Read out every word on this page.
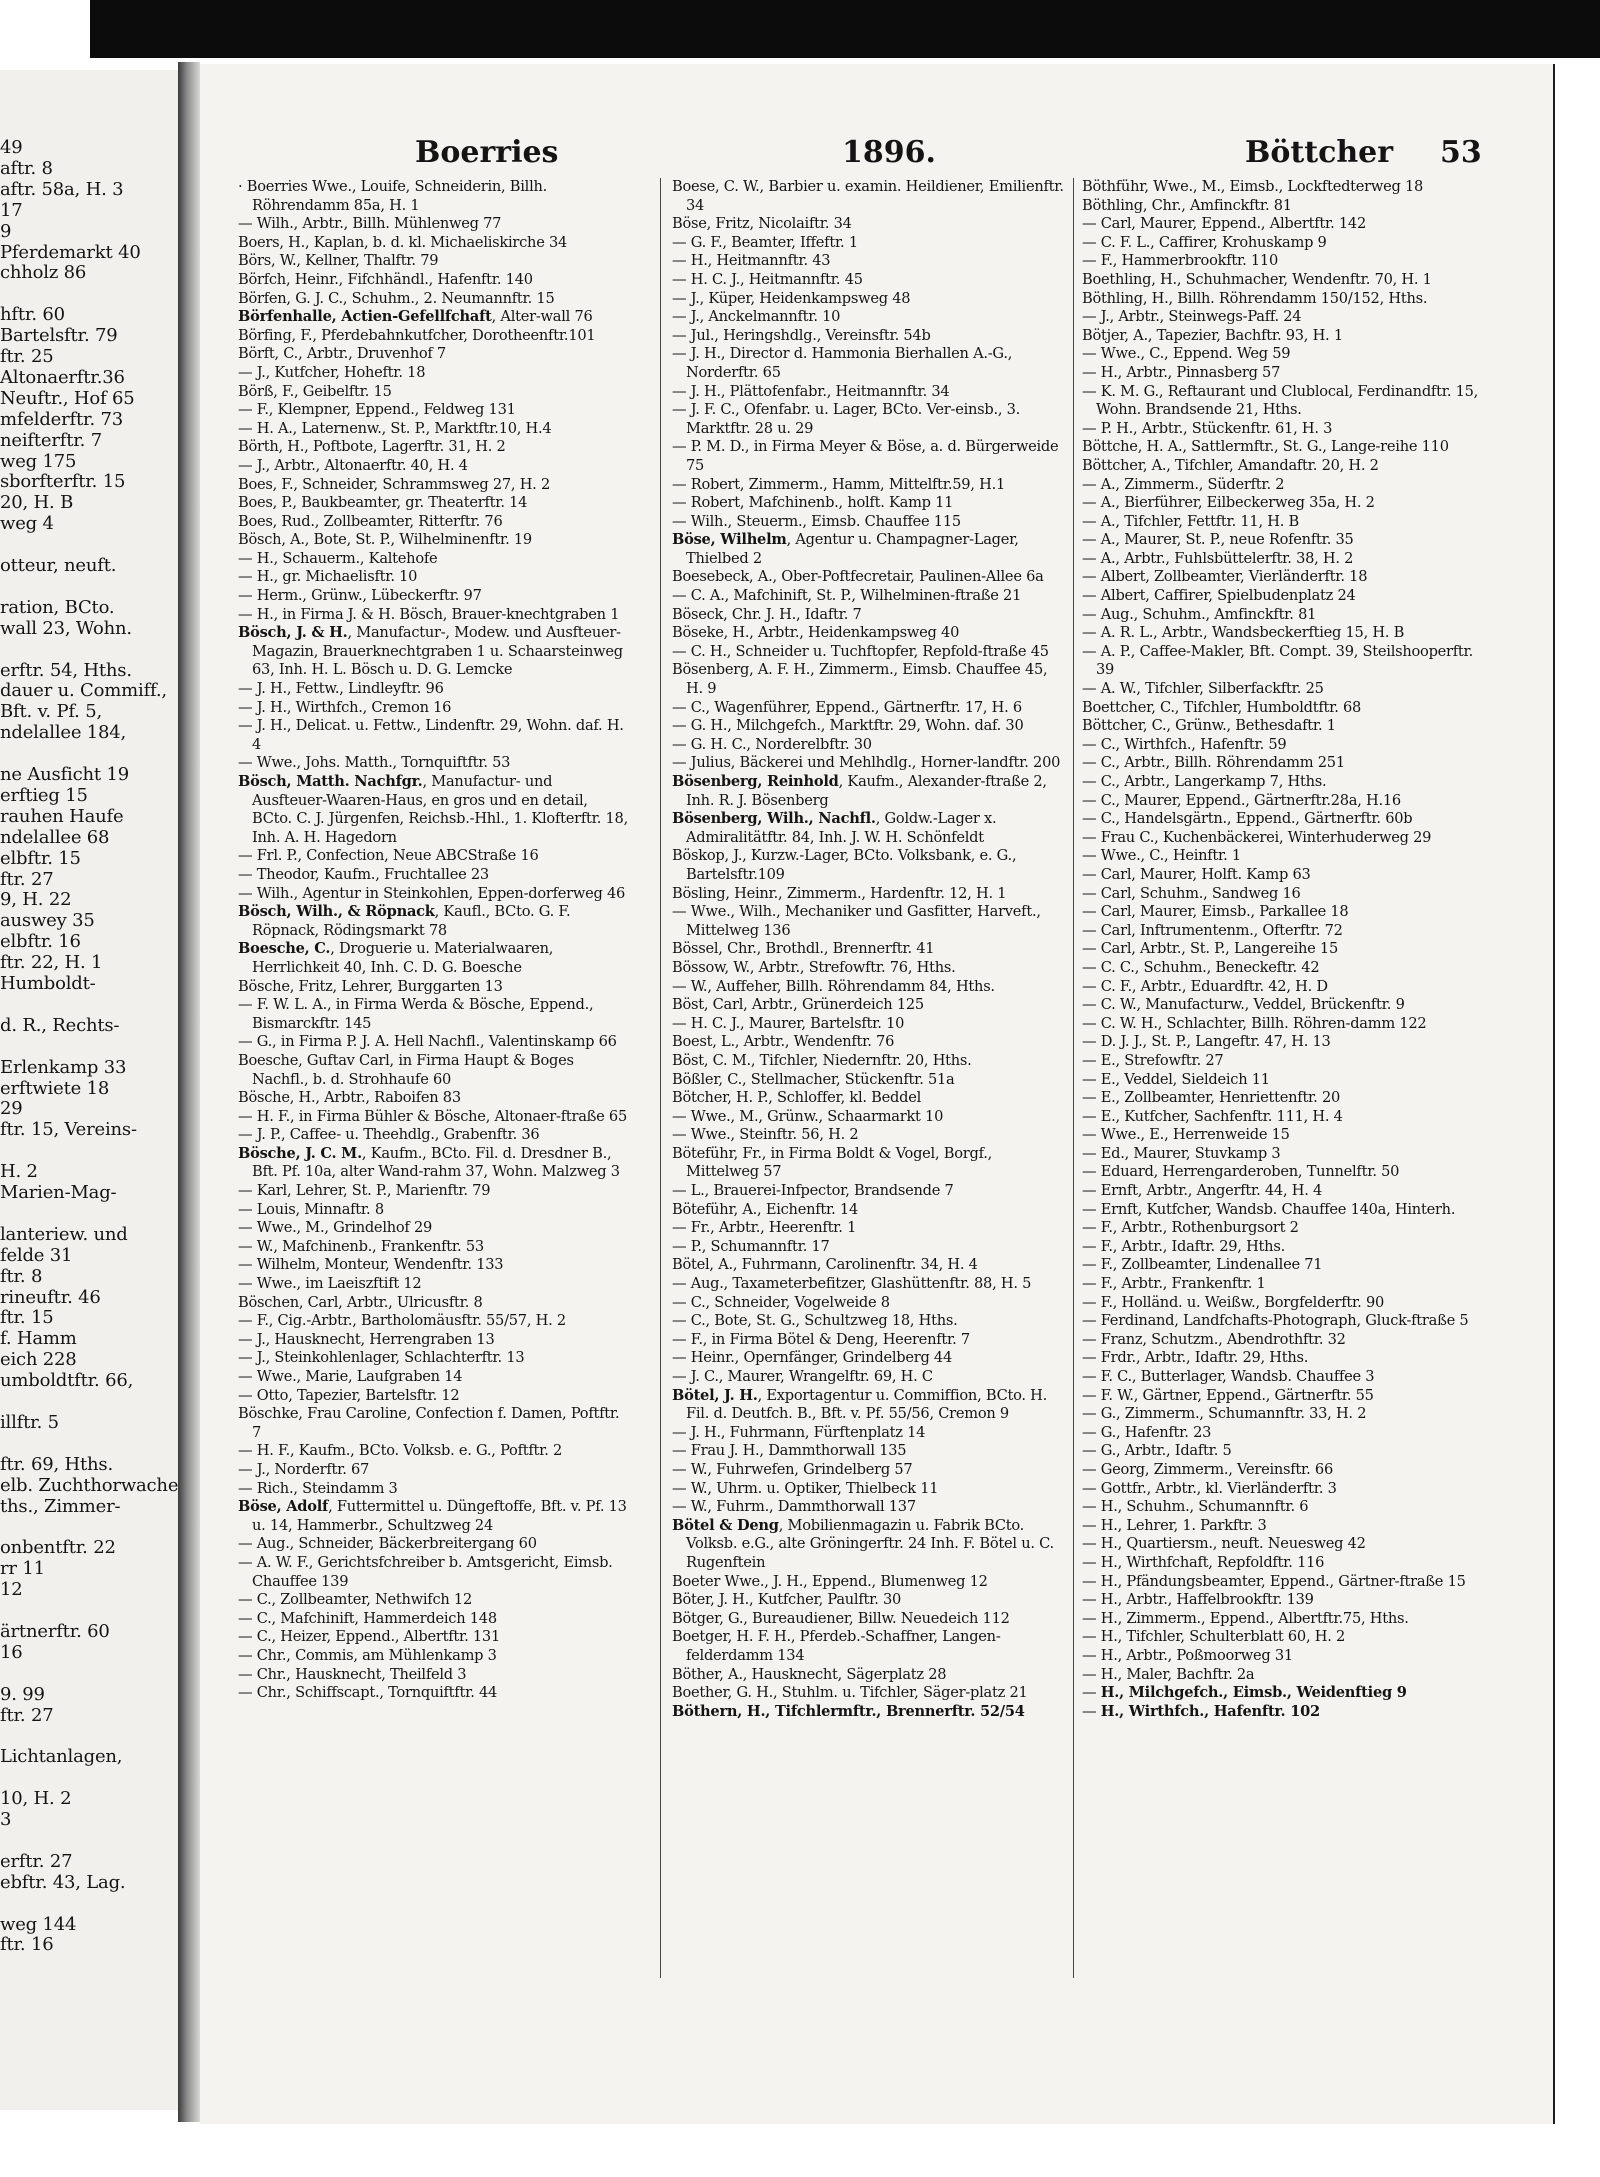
49
aftr. 8
aftr. 58a, H. 3
17
9
Pferdemarkt 40
chholz 86
hftr. 60
Bartelsftr. 79
ftr. 25
Altonaerftr.36
Neuftr., Hof 65
mfelderftr. 73
neifterftr. 7
weg 175
sborfterftr. 15
20, H. B
weg 4
otteur, neuft.
ration, BCto.
wall 23, Wohn.
erftr. 54, Hths.
dauer u. Commiff.,
Bft. v. Pf. 5,
ndelallee 184,
ne Ausficht 19
erftieg 15
rauhen Haufe
ndelallee 68
elbftr. 15
ftr. 27
9, H. 22
auswey 35
elbftr. 16
ftr. 22, H. 1
Humboldt-
d. R., Rechts-
Erlenkamp 33
erftwiete 18
29
ftr. 15, Vereins-
H. 2
Marien-Mag-
lanteriew. und
felde 31
ftr. 8
rineuftr. 46
ftr. 15
f. Hamm
eich 228
umboldtftr. 66,
illftr. 5
ftr. 69, Hths.
elb. Zuchthorwache
ths., Zimmer-
onbentftr. 22
rr 11
12
ärtnerftr. 60
16
9. 99
ftr. 27
Lichtanlagen,
10, H. 2
3
erftr. 27
ebftr. 43, Lag.
weg 144
ftr. 16
Boerries	1896.	Böttcher 53

· Boerries Wwe., Louife, Schneiderin, Billh. Röhrendamm 85a, H. 1

— Wilh., Arbtr., Billh. Mühlenweg 77

Boers, H., Kaplan, b. d. kl. Michaeliskirche 34

Börs, W., Kellner, Thalftr. 79

Börfch, Heinr., Fifchhändl., Hafenftr. 140

Börfen, G. J. C., Schuhm., 2. Neumannftr. 15

Börfenhalle, Actien-Gefellfchaft, Alter-wall 76

Börfing, F., Pferdebahnkutfcher, Dorotheenftr.101

Börft, C., Arbtr., Druvenhof 7

— J., Kutfcher, Hoheftr. 18

Börß, F., Geibelftr. 15

— F., Klempner, Eppend., Feldweg 131

— H. A., Laternenw., St. P., Marktftr.10, H.4

Börth, H., Poftbote, Lagerftr. 31, H. 2

— J., Arbtr., Altonaerftr. 40, H. 4

Boes, F., Schneider, Schrammsweg 27, H. 2

Boes, P., Baukbeamter, gr. Theaterftr. 14

Boes, Rud., Zollbeamter, Ritterftr. 76

Bösch, A., Bote, St. P., Wilhelminenftr. 19

— H., Schauerm., Kaltehofe

— H., gr. Michaelisftr. 10

— Herm., Grünw., Lübeckerftr. 97

— H., in Firma J. & H. Bösch, Brauer-knechtgraben 1

Bösch, J. & H., Manufactur-, Modew. und Ausfteuer-Magazin, Brauerknechtgraben 1 u. Schaarsteinweg 63, Inh. H. L. Bösch u. D. G. Lemcke

— J. H., Fettw., Lindleyftr. 96

— J. H., Wirthfch., Cremon 16

— J. H., Delicat. u. Fettw., Lindenftr. 29, Wohn. daf. H. 4

— Wwe., Johs. Matth., Tornquiftftr. 53

Bösch, Matth. Nachfgr., Manufactur- und Ausfteuer-Waaren-Haus, en gros und en detail, BCto. C. J. Jürgenfen, Reichsb.-Hhl., 1. Klofterftr. 18, Inh. A. H. Hagedorn

— Frl. P., Confection, Neue ABCStraße 16

— Theodor, Kaufm., Fruchtallee 23

— Wilh., Agentur in Steinkohlen, Eppen-dorferweg 46

Bösch, Wilh., & Röpnack, Kaufl., BCto. G. F. Röpnack, Rödingsmarkt 78

Boesche, C., Droguerie u. Materialwaaren, Herrlichkeit 40, Inh. C. D. G. Boesche

Bösche, Fritz, Lehrer, Burggarten 13

— F. W. L. A., in Firma Werda & Bösche, Eppend., Bismarckftr. 145

— G., in Firma P. J. A. Hell Nachfl., Valentinskamp 66

Boesche, Guftav Carl, in Firma Haupt & Boges Nachfl., b. d. Strohhaufe 60

Bösche, H., Arbtr., Raboifen 83

— H. F., in Firma Bühler & Bösche, Altonaer-ftraße 65

— J. P., Caffee- u. Theehdlg., Grabenftr. 36

Bösche, J. C. M., Kaufm., BCto. Fil. d. Dresdner B., Bft. Pf. 10a, alter Wand-rahm 37, Wohn. Malzweg 3

— Karl, Lehrer, St. P., Marienftr. 79

— Louis, Minnaftr. 8

— Wwe., M., Grindelhof 29

— W., Mafchinenb., Frankenftr. 53

— Wilhelm, Monteur, Wendenftr. 133

— Wwe., im Laeiszftift 12

Böschen, Carl, Arbtr., Ulricusftr. 8

— F., Cig.-Arbtr., Bartholomäusftr. 55/57, H. 2

— J., Hausknecht, Herrengraben 13

— J., Steinkohlenlager, Schlachterftr. 13

— Wwe., Marie, Laufgraben 14

— Otto, Tapezier, Bartelsftr. 12

Böschke, Frau Caroline, Confection f. Damen, Poftftr. 7

— H. F., Kaufm., BCto. Volksb. e. G., Poftftr. 2

— J., Norderftr. 67

— Rich., Steindamm 3

Böse, Adolf, Futtermittel u. Düngeftoffe, Bft. v. Pf. 13 u. 14, Hammerbr., Schultzweg 24

— Aug., Schneider, Bäckerbreitergang 60

— A. W. F., Gerichtsfchreiber b. Amtsgericht, Eimsb. Chauffee 139

— C., Zollbeamter, Nethwifch 12

— C., Mafchinift, Hammerdeich 148

— C., Heizer, Eppend., Albertftr. 131

— Chr., Commis, am Mühlenkamp 3

— Chr., Hausknecht, Theilfeld 3

— Chr., Schiffscapt., Tornquiftftr. 44

Boese, C. W., Barbier u. examin. Heildiener, Emilienftr. 34

Böse, Fritz, Nicolaiftr. 34

— G. F., Beamter, Iffeftr. 1

— H., Heitmannftr. 43

— H. C. J., Heitmannftr. 45

— J., Küper, Heidenkampsweg 48

— J., Anckelmannftr. 10

— Jul., Heringshdlg., Vereinsftr. 54b

— J. H., Director d. Hammonia Bierhallen A.-G., Norderftr. 65

— J. H., Plättofenfabr., Heitmannftr. 34

— J. F. C., Ofenfabr. u. Lager, BCto. Ver-einsb., 3. Marktftr. 28 u. 29

— P. M. D., in Firma Meyer & Böse, a. d. Bürgerweide 75

— Robert, Zimmerm., Hamm, Mittelftr.59, H.1

— Robert, Mafchinenb., holft. Kamp 11

— Wilh., Steuerm., Eimsb. Chauffee 115

Böse, Wilhelm, Agentur u. Champagner-Lager, Thielbed 2

Boesebeck, A., Ober-Poftfecretair, Paulinen-Allee 6a

— C. A., Mafchinift, St. P., Wilhelminen-ftraße 21

Böseck, Chr. J. H., Idaftr. 7

Böseke, H., Arbtr., Heidenkampsweg 40

— C. H., Schneider u. Tuchftopfer, Repfold-ftraße 45

Bösenberg, A. F. H., Zimmerm., Eimsb. Chauffee 45, H. 9

— C., Wagenführer, Eppend., Gärtnerftr. 17, H. 6

— G. H., Milchgefch., Marktftr. 29, Wohn. daf. 30

— G. H. C., Norderelbftr. 30

— Julius, Bäckerei und Mehlhdlg., Horner-landftr. 200

Bösenberg, Reinhold, Kaufm., Alexander-ftraße 2, Inh. R. J. Bösenberg

Bösenberg, Wilh., Nachfl., Goldw.-Lager x. Admiralitätftr. 84, Inh. J. W. H. Schönfeldt

Böskop, J., Kurzw.-Lager, BCto. Volksbank, e. G., Bartelsftr.109

Bösling, Heinr., Zimmerm., Hardenftr. 12, H. 1

— Wwe., Wilh., Mechaniker und Gasfitter, Harveft., Mittelweg 136

Bössel, Chr., Brothdl., Brennerftr. 41

Bössow, W., Arbtr., Strefowftr. 76, Hths.

— W., Auffeher, Billh. Röhrendamm 84, Hths.

Böst, Carl, Arbtr., Grünerdeich 125

— H. C. J., Maurer, Bartelsftr. 10

Boest, L., Arbtr., Wendenftr. 76

Böst, C. M., Tifchler, Niedernftr. 20, Hths.

Bößler, C., Stellmacher, Stückenftr. 51a

Bötcher, H. P., Schloffer, kl. Beddel

— Wwe., M., Grünw., Schaarmarkt 10

— Wwe., Steinftr. 56, H. 2

Böteführ, Fr., in Firma Boldt & Vogel, Borgf., Mittelweg 57

— L., Brauerei-Infpector, Brandsende 7

Böteführ, A., Eichenftr. 14

— Fr., Arbtr., Heerenftr. 1

— P., Schumannftr. 17

Bötel, A., Fuhrmann, Carolinenftr. 34, H. 4

— Aug., Taxameterbefitzer, Glashüttenftr. 88, H. 5

— C., Schneider, Vogelweide 8

— C., Bote, St. G., Schultzweg 18, Hths.

— F., in Firma Bötel & Deng, Heerenftr. 7

— Heinr., Opernfänger, Grindelberg 44

— J. C., Maurer, Wrangelftr. 69, H. C

Bötel, J. H., Exportagentur u. Commiffion, BCto. H. Fil. d. Deutfch. B., Bft. v. Pf. 55/56, Cremon 9

— J. H., Fuhrmann, Fürftenplatz 14

— Frau J. H., Dammthorwall 135

— W., Fuhrwefen, Grindelberg 57

— W., Uhrm. u. Optiker, Thielbeck 11

— W., Fuhrm., Dammthorwall 137

Bötel & Deng, Mobilienmagazin u. Fabrik BCto. Volksb. e.G., alte Gröningerftr. 24 Inh. F. Bötel u. C. Rugenftein

Boeter Wwe., J. H., Eppend., Blumenweg 12

Böter, J. H., Kutfcher, Paulftr. 30

Bötger, G., Bureaudiener, Billw. Neuedeich 112

Boetger, H. F. H., Pferdeb.-Schaffner, Langen-felderdamm 134

Böther, A., Hausknecht, Sägerplatz 28

Boether, G. H., Stuhlm. u. Tifchler, Säger-platz 21

Böthern, H., Tifchlermftr., Brennerftr. 52/54

Böthführ, Wwe., M., Eimsb., Lockftedterweg 18

Böthling, Chr., Amfinckftr. 81

— Carl, Maurer, Eppend., Albertftr. 142

— C. F. L., Caffirer, Krohuskamp 9

— F., Hammerbrookftr. 110

Boethling, H., Schuhmacher, Wendenftr. 70, H. 1

Böthling, H., Billh. Röhrendamm 150/152, Hths.

— J., Arbtr., Steinwegs-Paff. 24

Bötjer, A., Tapezier, Bachftr. 93, H. 1

— Wwe., C., Eppend. Weg 59

— H., Arbtr., Pinnasberg 57

— K. M. G., Reftaurant und Clublocal, Ferdinandftr. 15, Wohn. Brandsende 21, Hths.

— P. H., Arbtr., Stückenftr. 61, H. 3

Böttche, H. A., Sattlermftr., St. G., Lange-reihe 110

Böttcher, A., Tifchler, Amandaftr. 20, H. 2

— A., Zimmerm., Süderftr. 2

— A., Bierführer, Eilbeckerweg 35a, H. 2

— A., Tifchler, Fettftr. 11, H. B

— A., Maurer, St. P., neue Rofenftr. 35

— A., Arbtr., Fuhlsbüttelerftr. 38, H. 2

— Albert, Zollbeamter, Vierländerftr. 18

— Albert, Caffirer, Spielbudenplatz 24

— Aug., Schuhm., Amfinckftr. 81

— A. R. L., Arbtr., Wandsbeckerftieg 15, H. B

— A. P., Caffee-Makler, Bft. Compt. 39, Steilshooperftr. 39

— A. W., Tifchler, Silberfackftr. 25

Boettcher, C., Tifchler, Humboldtftr. 68

Böttcher, C., Grünw., Bethesdaftr. 1

— C., Wirthfch., Hafenftr. 59

— C., Arbtr., Billh. Röhrendamm 251

— C., Arbtr., Langerkamp 7, Hths.

— C., Maurer, Eppend., Gärtnerftr.28a, H.16

— C., Handelsgärtn., Eppend., Gärtnerftr. 60b

— Frau C., Kuchenbäckerei, Winterhuderweg 29

— Wwe., C., Heinftr. 1

— Carl, Maurer, Holft. Kamp 63

— Carl, Schuhm., Sandweg 16

— Carl, Maurer, Eimsb., Parkallee 18

— Carl, Inftrumentenm., Ofterftr. 72

— Carl, Arbtr., St. P., Langereihe 15

— C. C., Schuhm., Beneckeftr. 42

— C. F., Arbtr., Eduardftr. 42, H. D

— C. W., Manufacturw., Veddel, Brückenftr. 9

— C. W. H., Schlachter, Billh. Röhren-damm 122

— D. J. J., St. P., Langeftr. 47, H. 13

— E., Strefowftr. 27

— E., Veddel, Sieldeich 11

— E., Zollbeamter, Henriettenftr. 20

— E., Kutfcher, Sachfenftr. 111, H. 4

— Wwe., E., Herrenweide 15

— Ed., Maurer, Stuvkamp 3

— Eduard, Herrengarderoben, Tunnelftr. 50

— Ernft, Arbtr., Angerftr. 44, H. 4

— Ernft, Kutfcher, Wandsb. Chauffee 140a, Hinterh.

— F., Arbtr., Rothenburgsort 2

— F., Arbtr., Idaftr. 29, Hths.

— F., Zollbeamter, Lindenallee 71

— F., Arbtr., Frankenftr. 1

— F., Holländ. u. Weißw., Borgfelderftr. 90

— Ferdinand, Landfchafts-Photograph, Gluck-ftraße 5

— Franz, Schutzm., Abendrothftr. 32

— Frdr., Arbtr., Idaftr. 29, Hths.

— F. C., Butterlager, Wandsb. Chauffee 3

— F. W., Gärtner, Eppend., Gärtnerftr. 55

— G., Zimmerm., Schumannftr. 33, H. 2

— G., Hafenftr. 23

— G., Arbtr., Idaftr. 5

— Georg, Zimmerm., Vereinsftr. 66

— Gottfr., Arbtr., kl. Vierländerftr. 3

— H., Schuhm., Schumannftr. 6

— H., Lehrer, 1. Parkftr. 3

— H., Quartiersm., neuft. Neuesweg 42

— H., Wirthfchaft, Repfoldftr. 116

— H., Pfändungsbeamter, Eppend., Gärtner-ftraße 15

— H., Arbtr., Haffelbrookftr. 139

— H., Zimmerm., Eppend., Albertftr.75, Hths.

— H., Tifchler, Schulterblatt 60, H. 2

— H., Arbtr., Poßmoorweg 31

— H., Maler, Bachftr. 2a

— H., Milchgefch., Eimsb., Weidenftieg 9

— H., Wirthfch., Hafenftr. 102
